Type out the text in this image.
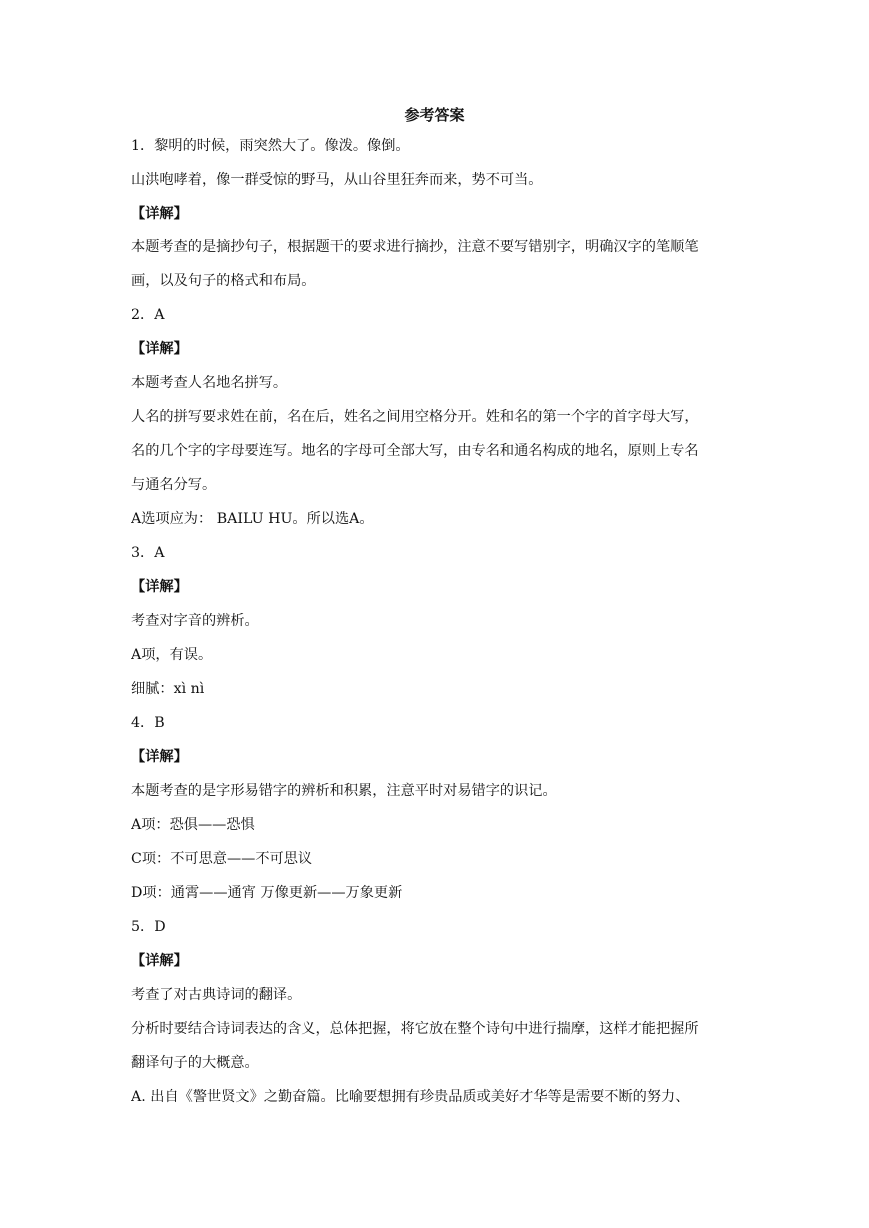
参考答案
1．黎明的时候，雨突然大了。像泼。像倒。
山洪咆哮着，像一群受惊的野马，从山谷里狂奔而来，势不可当。
【详解】
本题考查的是摘抄句子，根据题干的要求进行摘抄，注意不要写错别字，明确汉字的笔顺笔
画，以及句子的格式和布局。
2．A
【详解】
本题考查人名地名拼写。
人名的拼写要求姓在前，名在后，姓名之间用空格分开。姓和名的第一个字的首字母大写，
名的几个字的字母要连写。地名的字母可全部大写，由专名和通名构成的地名，原则上专名
与通名分写。
A选项应为： BAILU HU。所以选A。
3．A
【详解】
考查对字音的辨析。
A项，有误。
细腻：xì nì
4．B
【详解】
本题考查的是字形易错字的辨析和积累，注意平时对易错字的识记。
A项：恐俱——恐惧
C项：不可思意——不可思议
D项：通霄——通宵 万像更新——万象更新
5．D
【详解】
考查了对古典诗词的翻译。
分析时要结合诗词表达的含义，总体把握，将它放在整个诗句中进行揣摩，这样才能把握所
翻译句子的大概意。
A. 出自《警世贤文》之勤奋篇。比喻要想拥有珍贵品质或美好才华等是需要不断的努力、
